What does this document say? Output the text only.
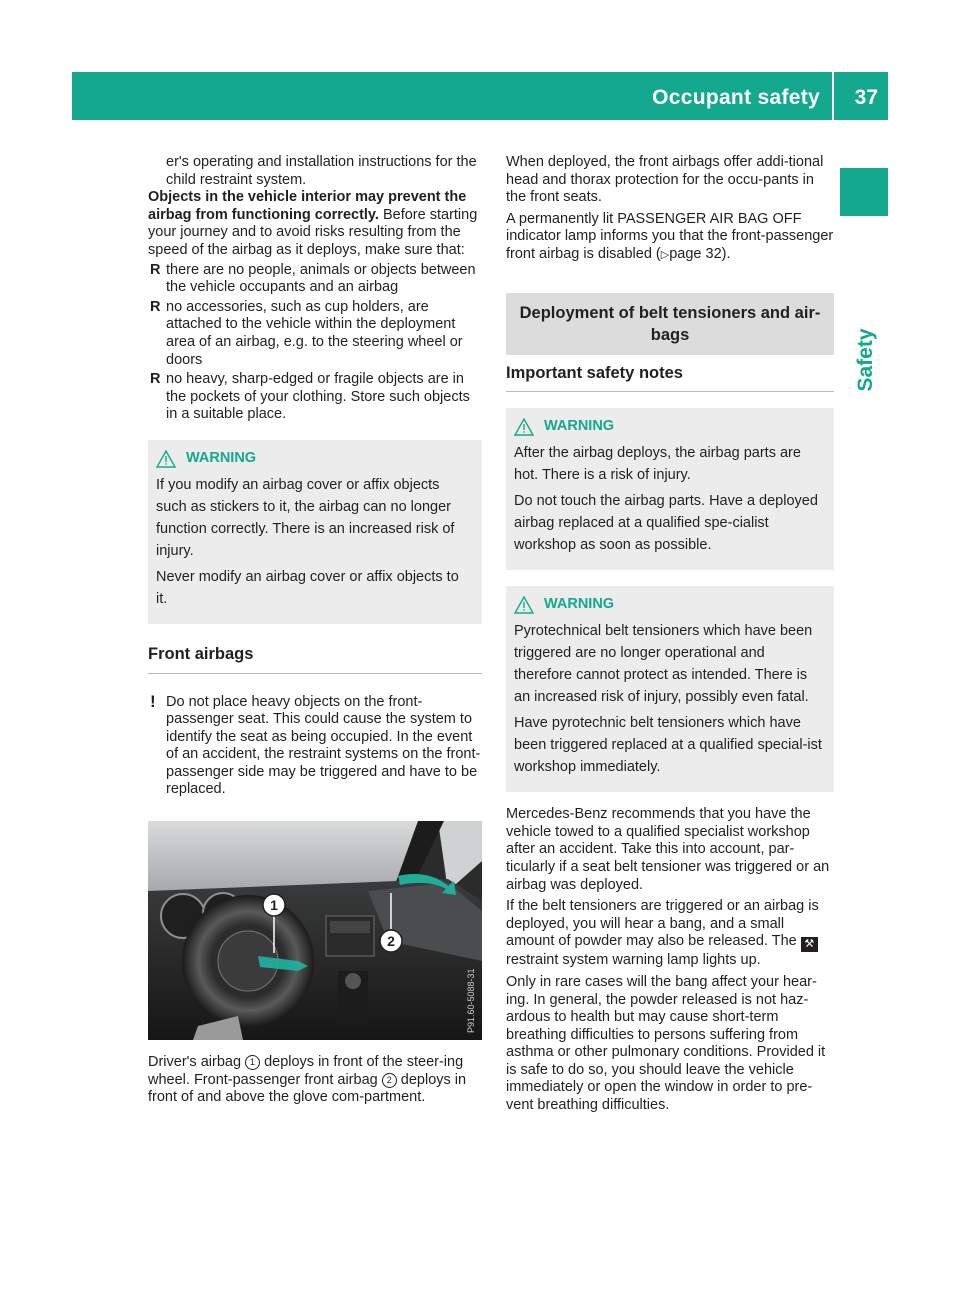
Occupant safety 37
Safety

er's operating and installation instructions for the child restraint system.

Objects in the vehicle interior may prevent the airbag from functioning correctly. Before starting your journey and to avoid risks resulting from the speed of the airbag as it deploys, make sure that:

R there are no people, animals or objects between the vehicle occupants and an airbag
R no accessories, such as cup holders, are attached to the vehicle within the deployment area of an airbag, e.g. to the steering wheel or doors
R no heavy, sharp-edged or fragile objects are in the pockets of your clothing. Store such objects in a suitable place.
WARNING

If you modify an airbag cover or affix objects such as stickers to it, the airbag can no longer function correctly. There is an increased risk of injury.

Never modify an airbag cover or affix objects to it.

Front airbags
! Do not place heavy objects on the front-passenger seat. This could cause the system to identify the seat as being occupied. In the event of an accident, the restraint systems on the front-passenger side may be triggered and have to be replaced.
1
2
P91.60-5088-31

Driver's airbag 1 deploys in front of the steer-ing wheel. Front-passenger front airbag 2 deploys in front of and above the glove com-partment.

When deployed, the front airbags offer addi-tional head and thorax protection for the occu-pants in the front seats.

A permanently lit PASSENGER AIR BAG OFF indicator lamp informs you that the front-passenger front airbag is disabled (▷page 32).

Deployment of belt tensioners and air-bags
Important safety notes
WARNING

After the airbag deploys, the airbag parts are hot. There is a risk of injury.

Do not touch the airbag parts. Have a deployed airbag replaced at a qualified spe-cialist workshop as soon as possible.

WARNING

Pyrotechnical belt tensioners which have been triggered are no longer operational and therefore cannot protect as intended. There is an increased risk of injury, possibly even fatal.

Have pyrotechnic belt tensioners which have been triggered replaced at a qualified special-ist workshop immediately.

Mercedes-Benz recommends that you have the vehicle towed to a qualified specialist workshop after an accident. Take this into account, par-ticularly if a seat belt tensioner was triggered or an airbag was deployed.

If the belt tensioners are triggered or an airbag is deployed, you will hear a bang, and a small amount of powder may also be released. The ⚒ restraint system warning lamp lights up.

Only in rare cases will the bang affect your hear-ing. In general, the powder released is not haz-ardous to health but may cause short-term breathing difficulties to persons suffering from asthma or other pulmonary conditions. Provided it is safe to do so, you should leave the vehicle immediately or open the window in order to pre-vent breathing difficulties.
